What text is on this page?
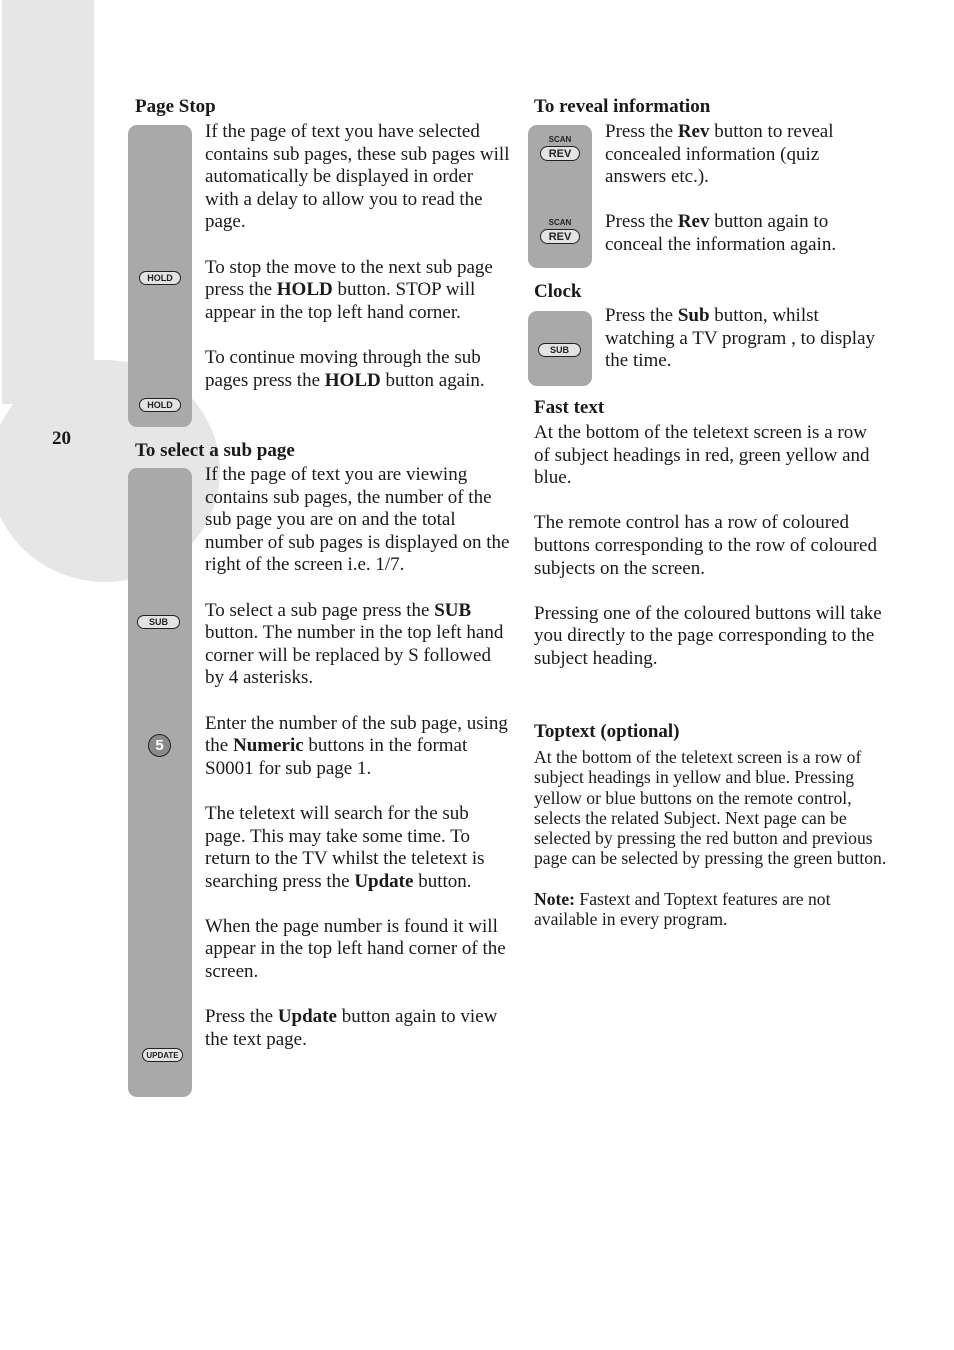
20
Page Stop
HOLD
HOLD

If the page of text you have selected contains sub pages, these sub pages will automatically be displayed in order with a delay to allow you to read the page.

To stop the move to the next sub page press the HOLD button. STOP will appear in the top left hand corner.

To continue moving through the sub pages press the HOLD button again.

To select a sub page
SUB
5
UPDATE

If the page of text you are viewing contains sub pages, the number of the sub page you are on and the total number of sub pages is displayed on the right of the screen i.e. 1/7.

To select a sub page press the SUB button. The number in the top left hand corner will be replaced by S followed by 4 asterisks.

Enter the number of the sub page, using the Numeric buttons in the format S0001 for sub page 1.

The teletext will search for the sub page. This may take some time. To return to the TV whilst the teletext is searching press the Update button.

When the page number is found it will appear in the top left hand corner of the screen.

Press the Update button again to view the text page.

To reveal information
SCAN
REV
SCAN
REV

Press the Rev button to reveal concealed information (quiz answers etc.).

Press the Rev button again to conceal the information again.

Clock
SUB

Press the Sub button, whilst watching a TV program , to display the time.

Fast text

At the bottom of the teletext screen is a row of subject headings in red, green yellow and blue.

The remote control has a row of coloured buttons corresponding to the row of coloured subjects on the screen.

Pressing one of the coloured buttons will take you directly to the page corresponding to the subject heading.

Toptext (optional)

At the bottom of the teletext screen is a row of subject headings in yellow and blue. Pressing yellow or blue buttons on the remote control, selects the related Subject. Next page can be selected by pressing the red button and previous page can be selected by pressing the green button.

Note: Fastext and Toptext features are not available in every program.
